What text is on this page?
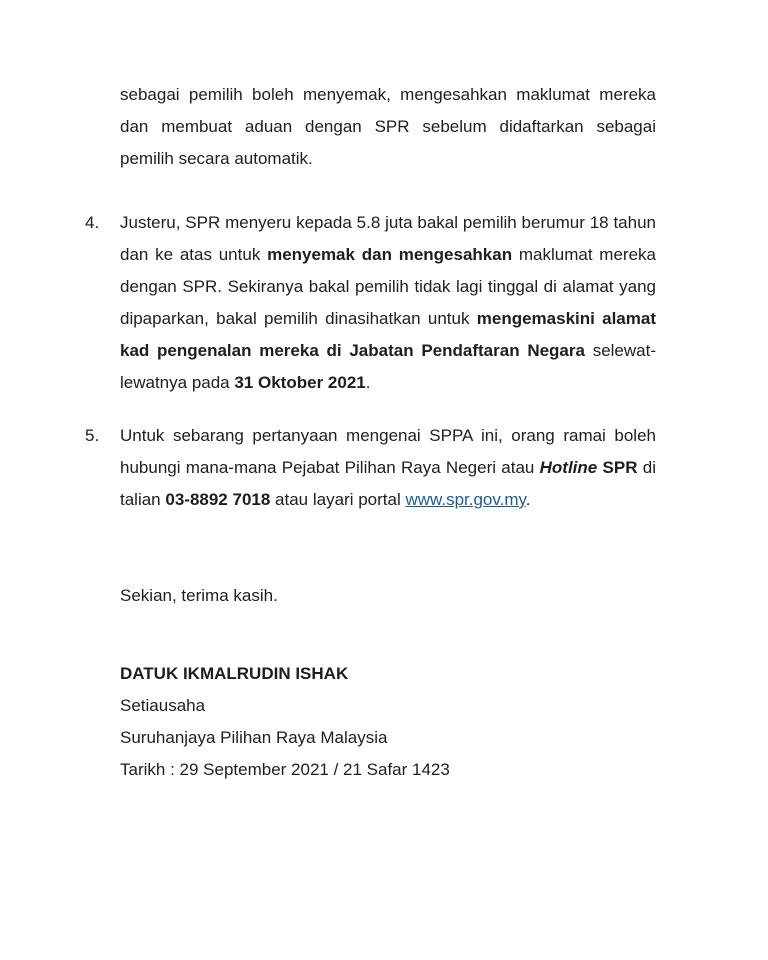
sebagai pemilih boleh menyemak, mengesahkan maklumat mereka dan membuat aduan dengan SPR sebelum didaftarkan sebagai pemilih secara automatik.

4. Justeru, SPR menyeru kepada 5.8 juta bakal pemilih berumur 18 tahun dan ke atas untuk menyemak dan mengesahkan maklumat mereka dengan SPR. Sekiranya bakal pemilih tidak lagi tinggal di alamat yang dipaparkan, bakal pemilih dinasihatkan untuk mengemaskini alamat kad pengenalan mereka di Jabatan Pendaftaran Negara selewat-lewatnya pada 31 Oktober 2021.

5. Untuk sebarang pertanyaan mengenai SPPA ini, orang ramai boleh hubungi mana-mana Pejabat Pilihan Raya Negeri atau Hotline SPR di talian 03-8892 7018 atau layari portal www.spr.gov.my.

Sekian, terima kasih.

DATUK IKMALRUDIN ISHAK

Setiausaha

Suruhanjaya Pilihan Raya Malaysia

Tarikh : 29 September 2021 / 21 Safar 1423
